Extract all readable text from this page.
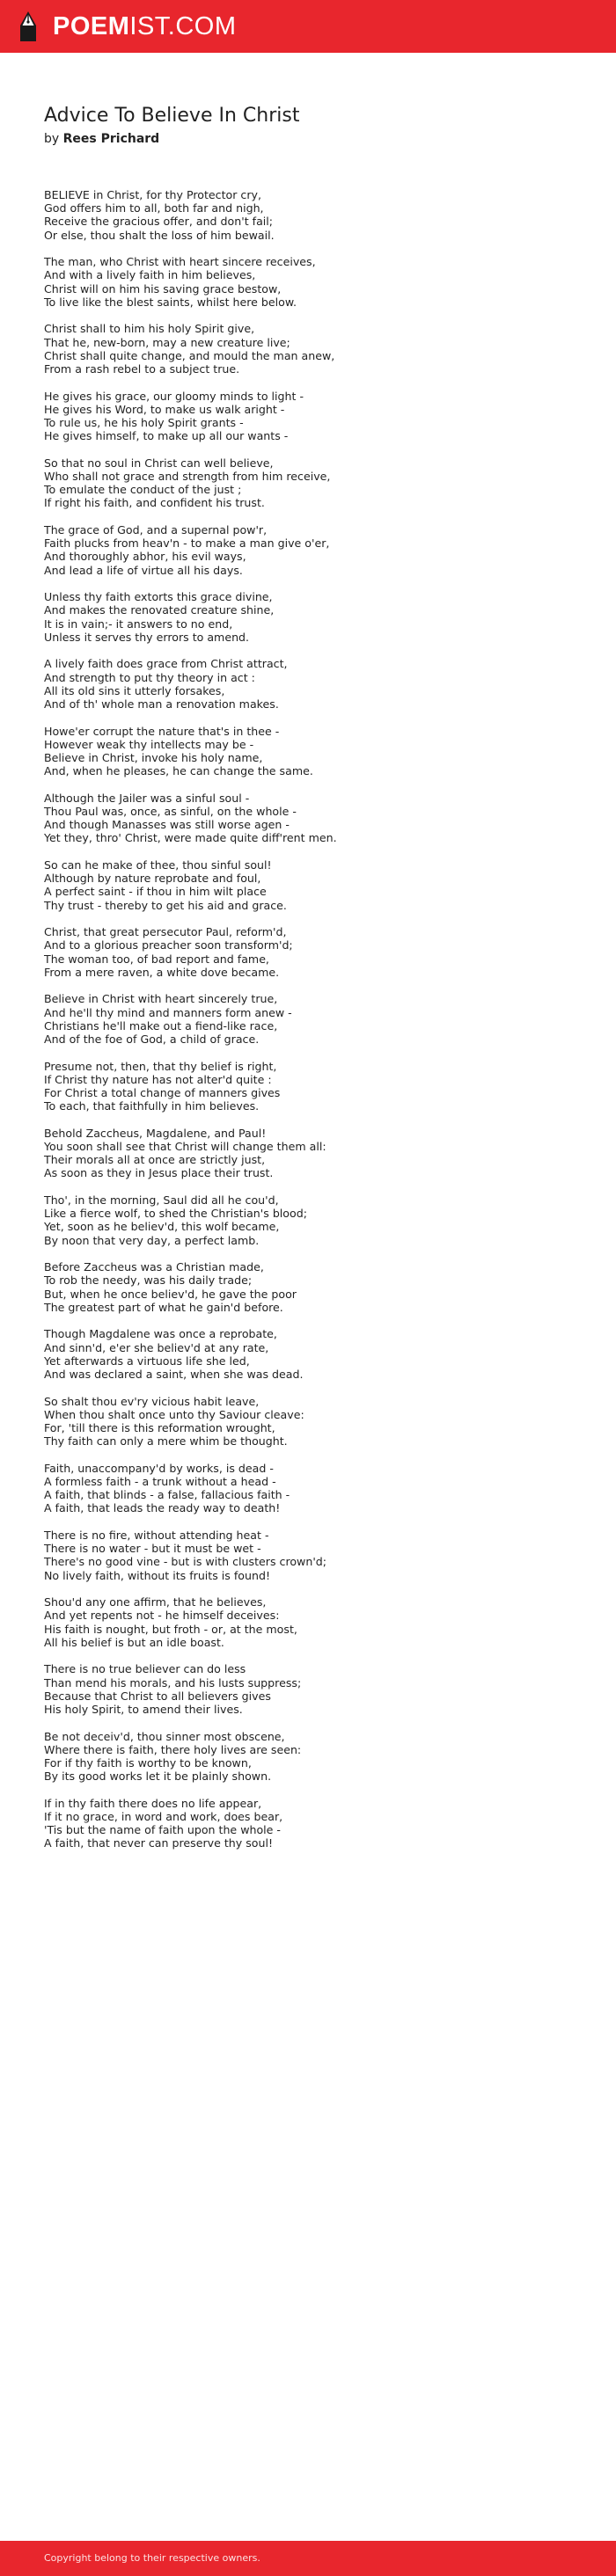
POEMIST.COM
Advice To Believe In Christ
by Rees Prichard
BELIEVE in Christ, for thy Protector cry,
God offers him to all, both far and nigh,
Receive the gracious offer, and don't fail;
Or else, thou shalt the loss of him bewail.
The man, who Christ with heart sincere receives,
And with a lively faith in him believes,
Christ will on him his saving grace bestow,
To live like the blest saints, whilst here below.
Christ shall to him his holy Spirit give,
That he, new-born, may a new creature live;
Christ shall quite change, and mould the man anew,
From a rash rebel to a subject true.
He gives his grace, our gloomy minds to light -
He gives his Word, to make us walk aright -
To rule us, he his holy Spirit grants -
He gives himself, to make up all our wants -
So that no soul in Christ can well believe,
Who shall not grace and strength from him receive,
To emulate the conduct of the just ;
If right his faith, and confident his trust.
The grace of God, and a supernal pow'r,
Faith plucks from heav'n - to make a man give o'er,
And thoroughly abhor, his evil ways,
And lead a life of virtue all his days.
Unless thy faith extorts this grace divine,
And makes the renovated creature shine,
It is in vain;- it answers to no end,
Unless it serves thy errors to amend.
A lively faith does grace from Christ attract,
And strength to put thy theory in act :
All its old sins it utterly forsakes,
And of th' whole man a renovation makes.
Howe'er corrupt the nature that's in thee -
However weak thy intellects may be -
Believe in Christ, invoke his holy name,
And, when he pleases, he can change the same.
Although the Jailer was a sinful soul -
Thou Paul was, once, as sinful, on the whole -
And though Manasses was still worse agen -
Yet they, thro' Christ, were made quite diff'rent men.
So can he make of thee, thou sinful soul!
Although by nature reprobate and foul,
A perfect saint - if thou in him wilt place
Thy trust - thereby to get his aid and grace.
Christ, that great persecutor Paul, reform'd,
And to a glorious preacher soon transform'd;
The woman too, of bad report and fame,
From a mere raven, a white dove became.
Believe in Christ with heart sincerely true,
And he'll thy mind and manners form anew -
Christians he'll make out a fiend-like race,
And of the foe of God, a child of grace.
Presume not, then, that thy belief is right,
If Christ thy nature has not alter'd quite :
For Christ a total change of manners gives
To each, that faithfully in him believes.
Behold Zaccheus, Magdalene, and Paul!
You soon shall see that Christ will change them all:
Their morals all at once are strictly just,
As soon as they in Jesus place their trust.
Tho', in the morning, Saul did all he cou'd,
Like a fierce wolf, to shed the Christian's blood;
Yet, soon as he believ'd, this wolf became,
By noon that very day, a perfect lamb.
Before Zaccheus was a Christian made,
To rob the needy, was his daily trade;
But, when he once believ'd, he gave the poor
The greatest part of what he gain'd before.
Though Magdalene was once a reprobate,
And sinn'd, e'er she believ'd at any rate,
Yet afterwards a virtuous life she led,
And was declared a saint, when she was dead.
So shalt thou ev'ry vicious habit leave,
When thou shalt once unto thy Saviour cleave:
For, 'till there is this reformation wrought,
Thy faith can only a mere whim be thought.
Faith, unaccompany'd by works, is dead -
A formless faith - a trunk without a head -
A faith, that blinds - a false, fallacious faith -
A faith, that leads the ready way to death!
There is no fire, without attending heat -
There is no water - but it must be wet -
There's no good vine - but is with clusters crown'd;
No lively faith, without its fruits is found!
Shou'd any one affirm, that he believes,
And yet repents not - he himself deceives:
His faith is nought, but froth - or, at the most,
All his belief is but an idle boast.
There is no true believer can do less
Than mend his morals, and his lusts suppress;
Because that Christ to all believers gives
His holy Spirit, to amend their lives.
Be not deceiv'd, thou sinner most obscene,
Where there is faith, there holy lives are seen:
For if thy faith is worthy to be known,
By its good works let it be plainly shown.
If in thy faith there does no life appear,
If it no grace, in word and work, does bear,
'Tis but the name of faith upon the whole -
A faith, that never can preserve thy soul!
Copyright belong to their respective owners.
